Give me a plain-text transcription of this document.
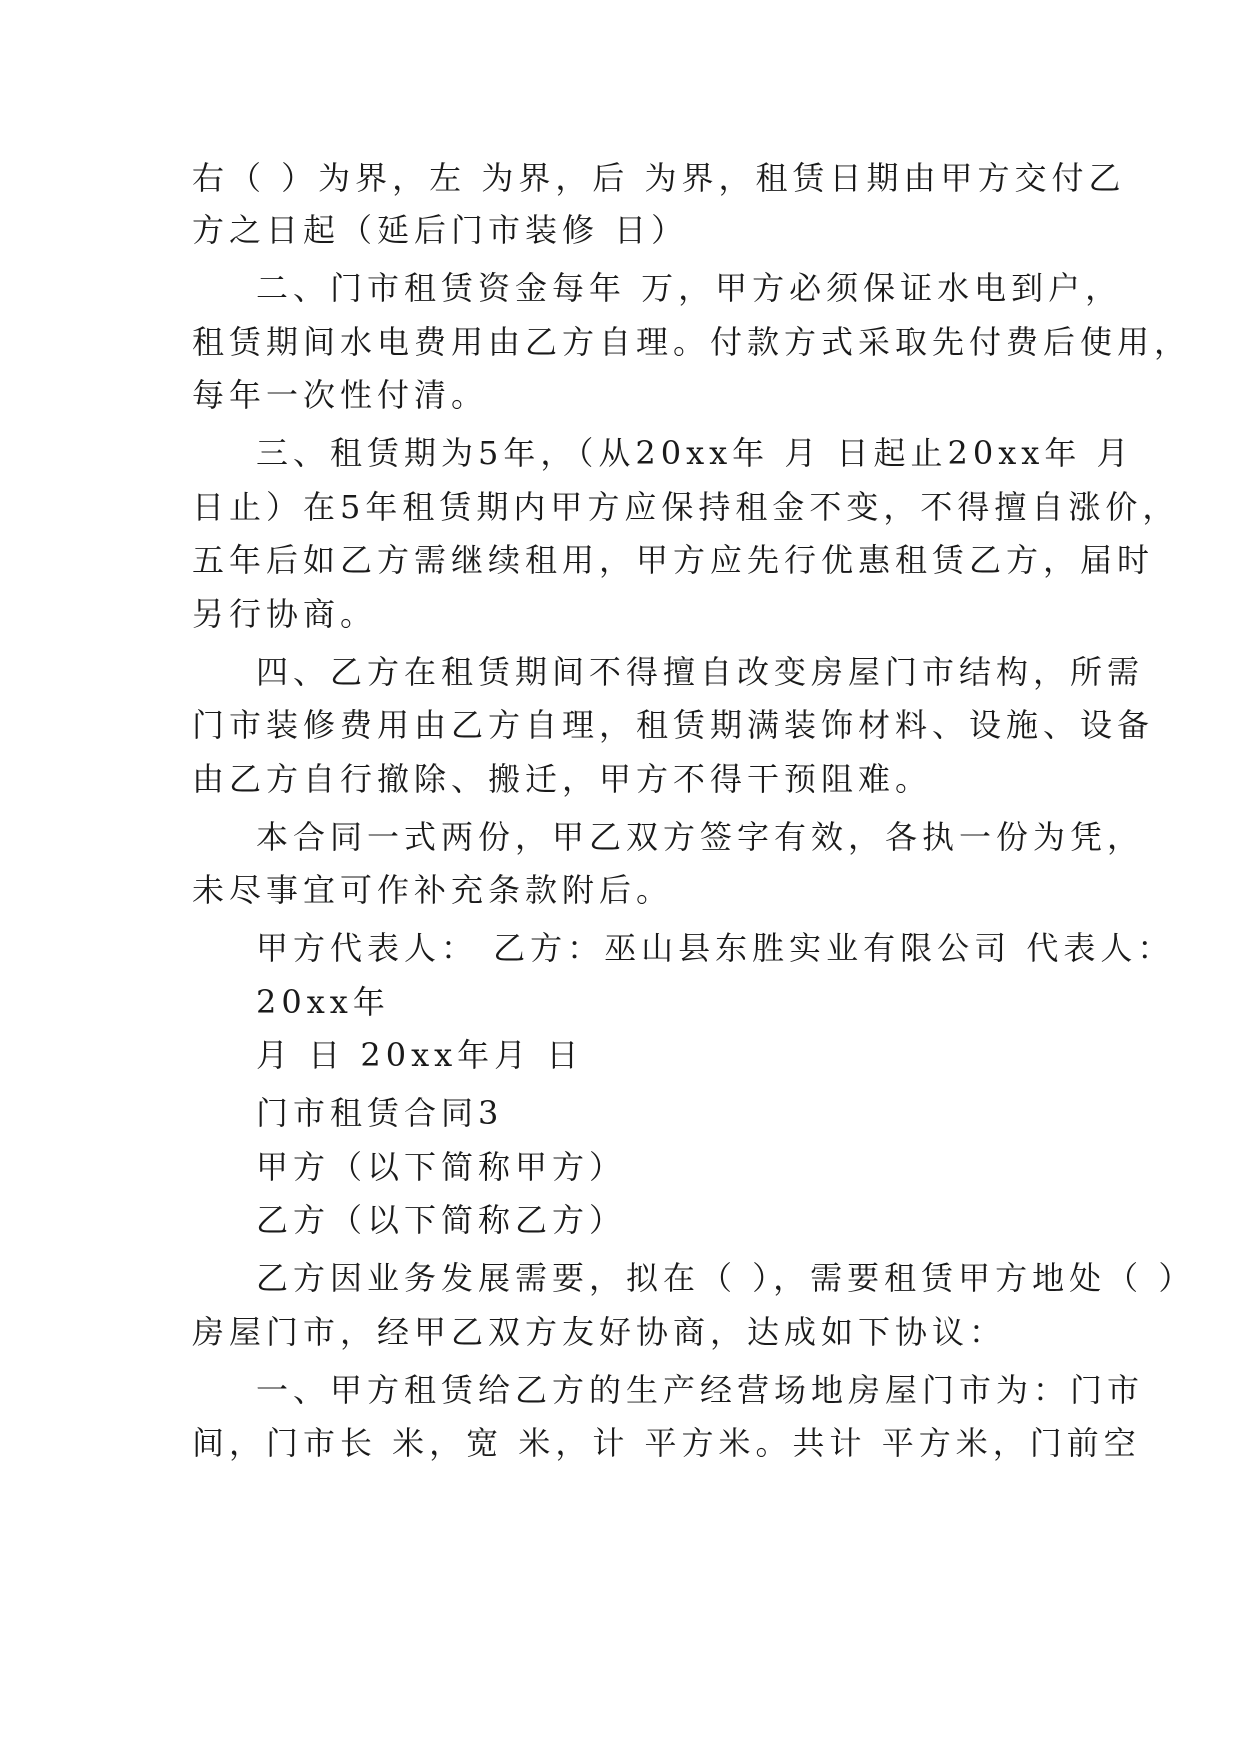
右（ ）为界，左 为界，后 为界，租赁日期由甲方交付乙
方之日起（延后门市装修 日）
二、门市租赁资金每年 万，甲方必须保证水电到户，
租赁期间水电费用由乙方自理。付款方式采取先付费后使用，
每年一次性付清。
三、租赁期为5年，（从20xx年 月 日起止20xx年 月
日止）在5年租赁期内甲方应保持租金不变，不得擅自涨价，
五年后如乙方需继续租用，甲方应先行优惠租赁乙方，届时
另行协商。
四、乙方在租赁期间不得擅自改变房屋门市结构，所需
门市装修费用由乙方自理，租赁期满装饰材料、设施、设备
由乙方自行撤除、搬迁，甲方不得干预阻难。
本合同一式两份，甲乙双方签字有效，各执一份为凭，
未尽事宜可作补充条款附后。
甲方代表人： 乙方：巫山县东胜实业有限公司 代表人：
20xx年
月 日 20xx年月 日
门市租赁合同3
甲方（以下简称甲方）
乙方（以下简称乙方）
乙方因业务发展需要，拟在（ ），需要租赁甲方地处（ ）
房屋门市，经甲乙双方友好协商，达成如下协议：
一、甲方租赁给乙方的生产经营场地房屋门市为：门市
间，门市长 米，宽 米，计 平方米。共计 平方米，门前空
